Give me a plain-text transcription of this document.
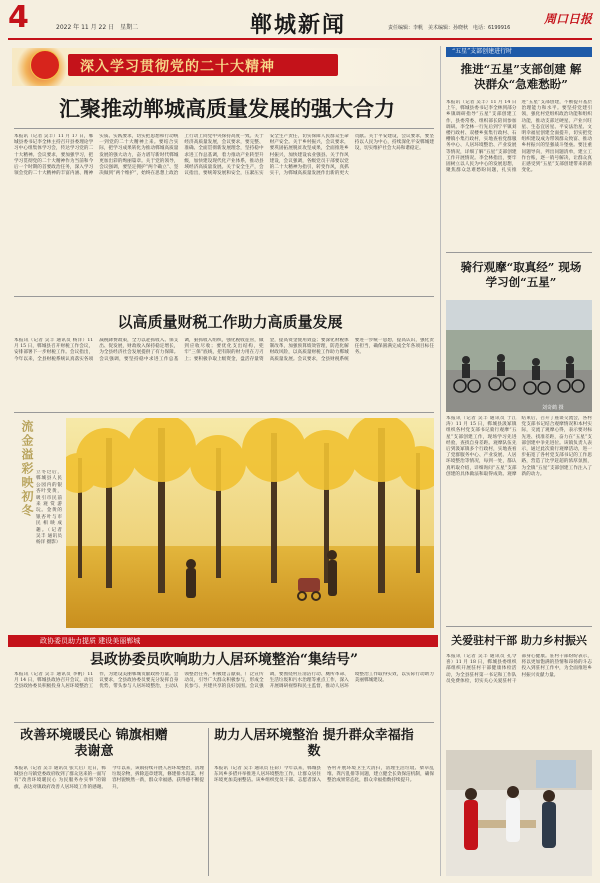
4	2022 年 11 月 22 日　星期二	郸城新闻	责任编辑：李帆　美术编辑：孙晓秋　电话：6199916
周口日报
深入学习贯彻党的二十大精神
汇聚推动郸城高质量发展的强大合力
本报讯（记者 吴丰）11 月 17 日，郸城县委书记李全林主持召开县委理论学习中心组集体学习会，传达学习党的二十大精神。会议要求，要加强学习，把学习贯彻党的二十大精神作为当前和今后一个时期的首要政治任务，深入学习领会党的二十大精神的丰富内涵、精神实质、实践要求，切实把思想和行动统一到党的二十大精神上来。要结合实际，把学习成果转化为推动郸城高质量发展的强大动力，奋力谱写新时代郸城更加出彩的绚丽篇章。关于党的领导，会议强调，要坚定拥护“两个确立”、坚决做到“两个维护”，始终在思想上政治上行动上同党中央保持高度一致。关于经济高质量发展，会议要求，要完整、准确、全面贯彻新发展理念，坚持稳中求进工作总基调，着力推动产业转型升级，加快建设现代化产业体系，推动县域经济高质量发展。关于安全生产，会议指出，要统筹发展和安全，压紧压实安全生产责任，切实保障人民群众生命财产安全。关于乡村振兴，会议要求，要巩固拓展脱贫攻坚成果，全面推进乡村振兴，加快建设农业强县。关于作风建设，会议强调，各级党员干部要以党的二十大精神为指引，转变作风，真抓实干，为郸城高质量发展作出新的更大贡献。关于平安建设，会议要求，要坚持以人民为中心，持续深化平安郸城建设，切实维护社会大局和谐稳定。
以高质量财税工作助力高质量发展
本报讯（记者 吴丰 通讯员 杨洋）11 月 15 日，郸城县召开财税工作会议，安排部署下一步财税工作。会议指出，今年以来，全县财税系统认真落实各项减税降费政策，全力以赴抓收入、保支出、促发展，财政收入保持稳定增长，为全县经济社会发展提供了有力保障。会议强调，要坚持稳中求进工作总基调，狠抓收入组织，强化税收征管，做到应收尽收；要优化支出结构，兜牢“三保”底线，把有限的财力用在刀刃上；要积极争取上级资金，盘活存量资金，提高资金使用效益；要深化财税体制改革，加强预算绩效管理，防范化解财政风险，以高质量财税工作助力郸城高质量发展。会议要求，全县财税系统要进一步统一思想，提高认识，强化责任担当，确保圆满完成全年各项目标任务。
流金溢彩映初冬 立冬过后，郸城县人民公园内的银杏叶变黄，吸引市民前来观赏游玩。金黄的银杏叶与市民相映成趣。（记者 吴丰 通讯员 杨洋 摄影）
政协委员助力提质 建设美丽郸城
县政协委员吹响助力人居环境整治“集结号”
本报讯（记者 吴丰 通讯员 李帆）11 月 14 日，郸城县政协召开会议，动员全县政协委员积极投身人居环境整治工作，为建设美丽郸城贡献政协力量。会议要求，全县政协委员要充分发挥自身优势，带头参与人居环境整治，主动认领整治任务，积极建言献策，广泛宣传动员，引导广大群众积极参与，形成全民参与、共建共享的良好氛围。会议强调，要围绕村庄清洁行动、厕所革命、生活垃圾和污水治理等重点工作，深入开展调研视察和民主监督，推动人居环境整治工作取得实效，以实际行动助力美丽郸城建设。
改善环境暖民心 锦旗相赠表谢意
本报讯（记者 吴丰 通讯员 张天启）近日，郸城县白马镇党委政府收到了群众送来的一面写有“改善环境暖民心 为民服务办实事”的锦旗，表达对镇政府改善人居环境工作的感谢。今年以来，该镇持续开展人居环境整治，清理垃圾杂物，拆除违章建筑，修建排水沟渠，村容村貌焕然一新，群众幸福感、获得感不断提升。
助力人居环境整治 提升群众幸福指数
本报讯（记者 吴丰 通讯员 任彩）今年以来，郸城县东风乡多措并举推进人居环境整治工作，让群众居住环境更加美丽整洁。该乡组织党员干部、志愿者深入各村开展环境卫生大清扫，清理生活垃圾、柴草乱堆、粪污乱排等问题，建立健全长效保洁机制，确保整治成果常态化，群众幸福指数持续提升。
“五星”支部创建进行时
推进“五星”支部创建 解决群众“急难愁盼”
本报讯（记者 吴丰）11 月 14 日上午，郸城县委书记李全林到部分乡镇调研指导“五星”支部创建工作，县委常委、组织部长陪同参加调研。李全林一行先后到宁平镇刘楼行政村、双楼乡张集行政村、石槽镇小集行政村，实地查看党群服务中心、人居环境整治、产业发展等情况，详细了解“五星”支部创建工作开展情况。李全林指出，要牢固树立以人民为中心的发展思想，聚焦群众急难愁盼问题，扎实推进“五星”支部创建，不断提升基层治理能力和水平。要坚持党建引领，强化村党组织政治功能和组织功能，推动支部过硬星、产业兴旺星、生态宜居星、平安法治星、文明幸福星创建全面提升，切实把党组织建设成为带领群众致富、推动乡村振兴的坚强战斗堡垒。要注重问题导向，列出问题清单，建立工作台账，逐一销号解决，让群众真正感受到“五星”支部创建带来的新变化。
骑行观摩“取真经” 现场学习创“五星”
刘奇鹤 摄
本报讯（记者 吴丰 通讯员 于江涛）11 月 15 日，郸城县汲冢镇组织各村党支部书记骑行观摩“五星”支部创建工作，现场学习先进经验，查找自身差距。观摩队伍先后到汲冢镇多个行政村，实地查看了党群服务中心、产业发展、人居环境整治等情况，每到一处，都认真听取介绍，详细询问“五星”支部创建的具体做法和取得成效。观摩结束后，召开了座谈交流会，各村党支部书记结合观摩情况和本村实际，交流了观摩心得，表示要对标先进、找准差距，奋力在“五星”支部创建中争先进位。该镇负责人表示，通过此次骑行观摩活动，进一步拓宽了各村党支部书记的工作思路，营造了比学赶超的浓厚氛围，为全镇“五星”支部创建工作注入了新的动力。
关爱驻村干部 助力乡村振兴
本报讯（记者 吴丰 通讯员 孔令喜）11 月 18 日，郸城县委组织部组织开展驻村干部健康体检活动，为全县驻村第一书记和工作队员免费体检，切实关心关爱驻村干部身心健康。驻村干部纷纷表示，将以更加饱满的热情和昂扬的斗志投入到驻村工作中，为全面推进乡村振兴贡献力量。
